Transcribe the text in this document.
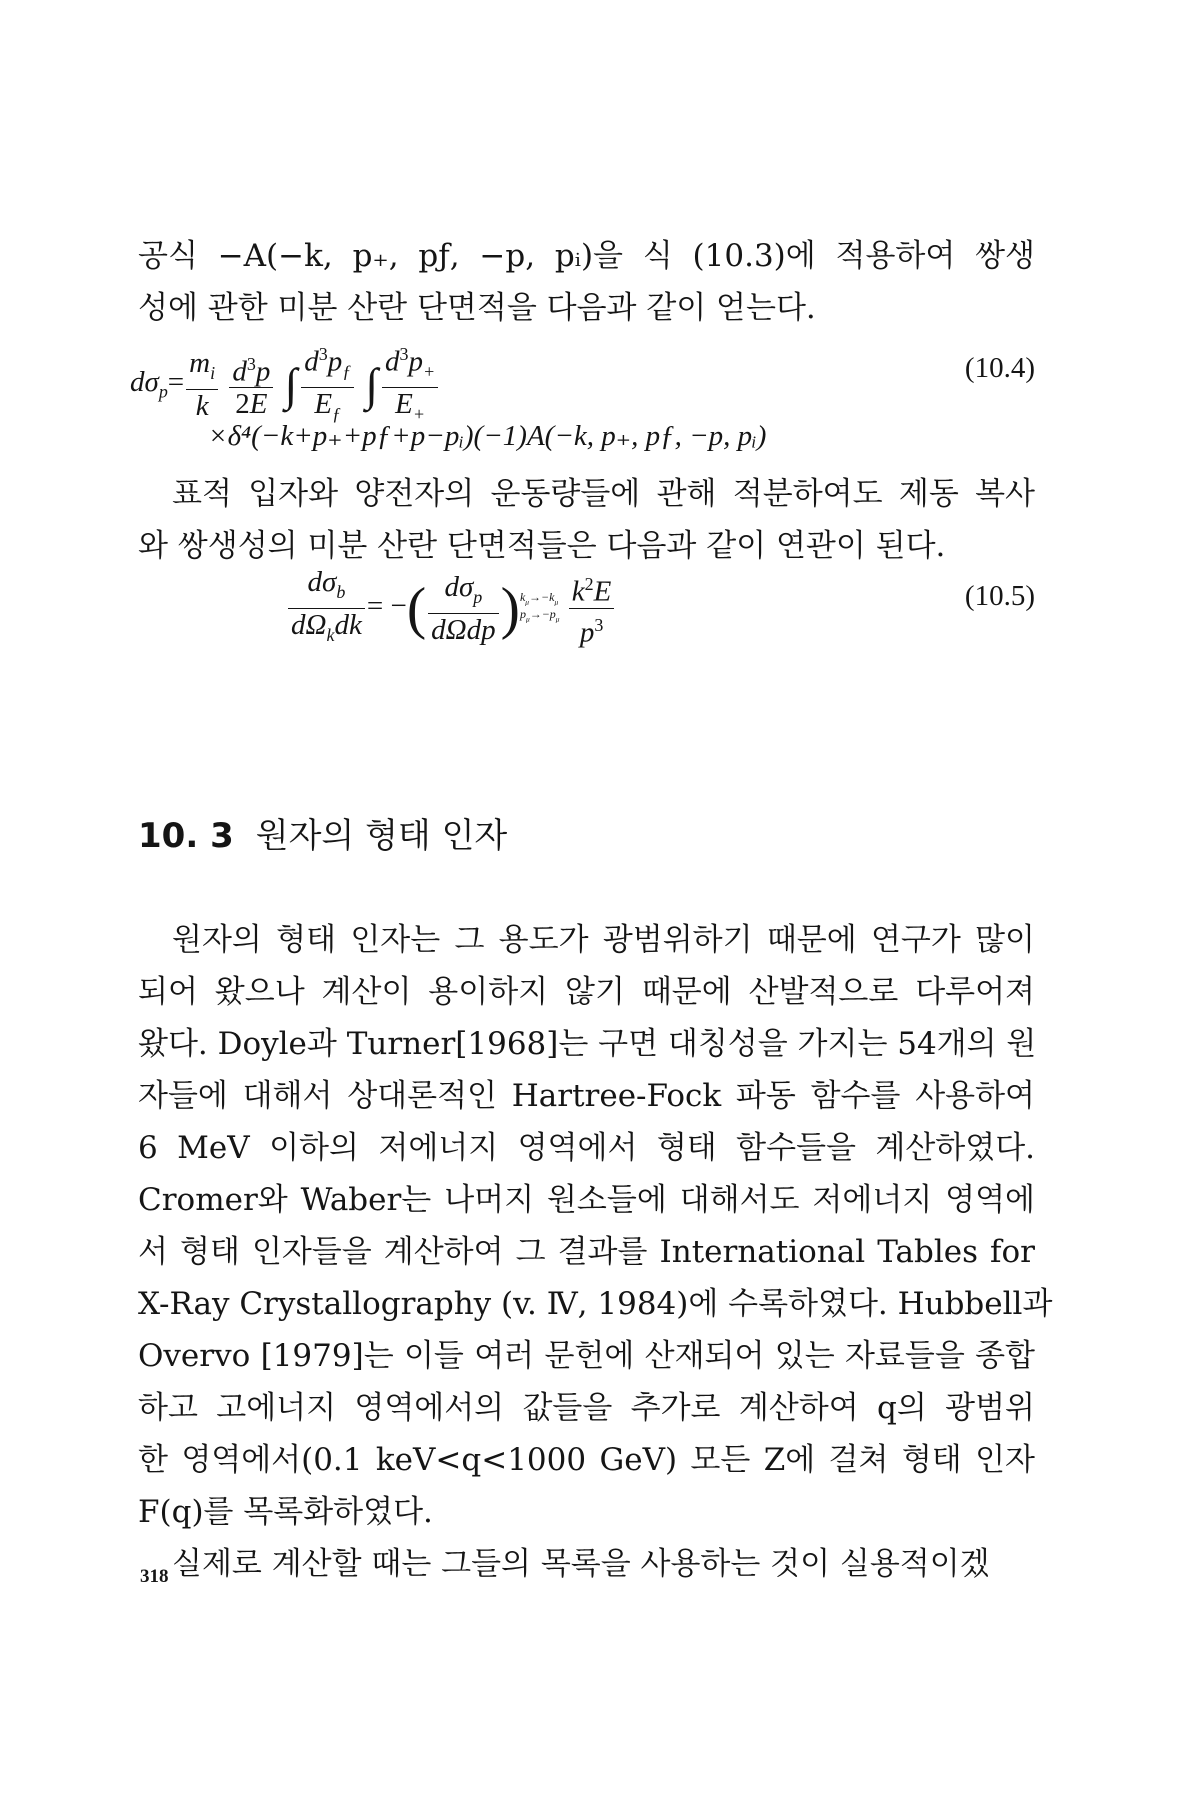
공식 −A(−k, p₊, pƒ, −p, pᵢ)을 식 (10.3)에 적용하여 쌍생
성에 관한 미분 산란 단면적을 다음과 같이 얻는다.

$d\sigma_p= \frac{m_i}{k}$
$\frac{d^3p}{2E}$ ∫ $\frac{d^3p_ƒ}{E_ƒ}$ ∫ $\frac{d^3p_+}{E_+}$	(10.4)
×δ⁴(−k+p₊+pƒ+p−pᵢ)(−1)A(−k, p₊, pƒ, −p, pᵢ)

표적 입자와 양전자의 운동량들에 관해 적분하여도 제동 복사
와 쌍생성의 미분 산란 단면적들은 다음과 같이 연관이 된다.

$\frac{d\sigma_b}{d\Omega_kdk}$ = −( $\frac{d\sigma_p}{\text{dΩdp}} )k_\mu\to-k_\mu$
$p_\mu\to-p_\mu \frac{k^2E}{p^3}$	(10.5)
10. 3 원자의 형태 인자

원자의 형태 인자는 그 용도가 광범위하기 때문에 연구가 많이
되어 왔으나 계산이 용이하지 않기 때문에 산발적으로 다루어져
왔다. Doyle과 Turner[1968]는 구면 대칭성을 가지는 54개의 원
자들에 대해서 상대론적인 Hartree-Fock 파동 함수를 사용하여
6 MeV 이하의 저에너지 영역에서 형태 함수들을 계산하였다.
Cromer와 Waber는 나머지 원소들에 대해서도 저에너지 영역에
서 형태 인자들을 계산하여 그 결과를 International Tables for
X-Ray Crystallography (v. Ⅳ, 1984)에 수록하였다. Hubbell과
Overvo [1979]는 이들 여러 문헌에 산재되어 있는 자료들을 종합
하고 고에너지 영역에서의 값들을 추가로 계산하여 q의 광범위
한 영역에서(0.1 keV<q<1000 GeV) 모든 Z에 걸쳐 형태 인자
F(q)를 목록화하였다.

실제로 계산할 때는 그들의 목록을 사용하는 것이 실용적이겠

318
